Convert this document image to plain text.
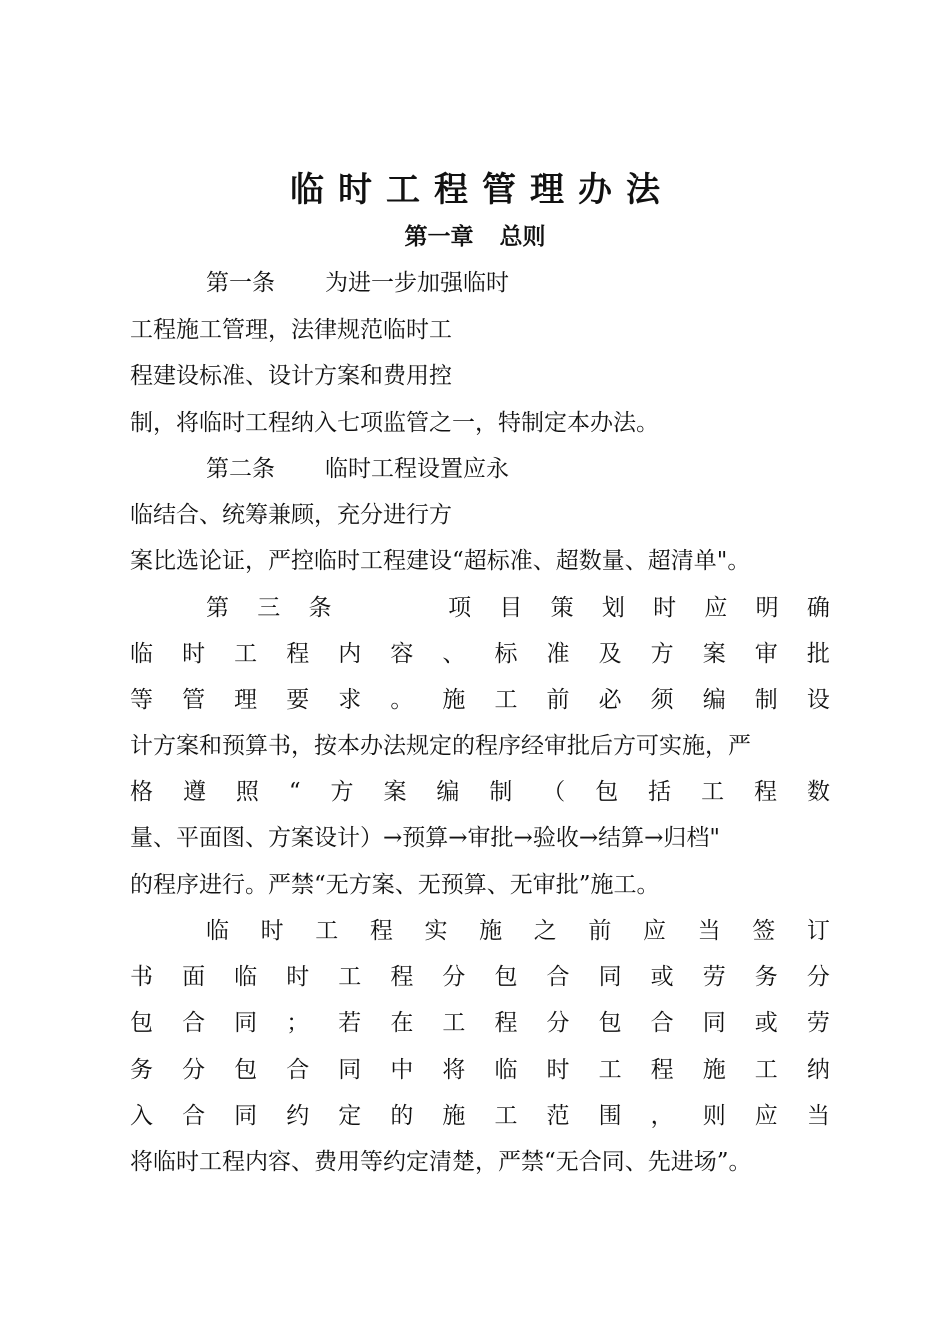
临时工程管理办法
第一章 总则
第一条 为进一步加强临时
工程施工管理，法律规范临时工
程建设标准、设计方案和费用控
制，将临时工程纳入七项监管之一，特制定本办法。
第二条 临时工程设置应永
临结合、统筹兼顾，充分进行方
案比选论证，严控临时工程建设“超标准、超数量、超清单"。
第 三 条	项 目 策 划 时 应 明 确
临 时 工 程 内 容 、 标 准 及 方 案 审 批
等 管 理 要 求 。 施 工 前 必 须 编 制 设
计方案和预算书，按本办法规定的程序经审批后方可实施，严
格 遵 照 “ 方 案 编 制 （ 包 括 工 程 数
量、平面图、方案设计）→预算→审批→验收→结算→归档"
的程序进行。严禁“无方案、无预算、无审批”施工。
临 时 工 程 实 施 之 前 应 当 签 订
书 面 临 时 工 程 分 包 合 同 或 劳 务 分
包 合 同 ； 若 在 工 程 分 包 合 同 或 劳
务 分 包 合 同 中 将 临 时 工 程 施 工 纳
入 合 同 约 定 的 施 工 范 围 ， 则 应 当
将临时工程内容、费用等约定清楚，严禁“无合同、先进场”。
